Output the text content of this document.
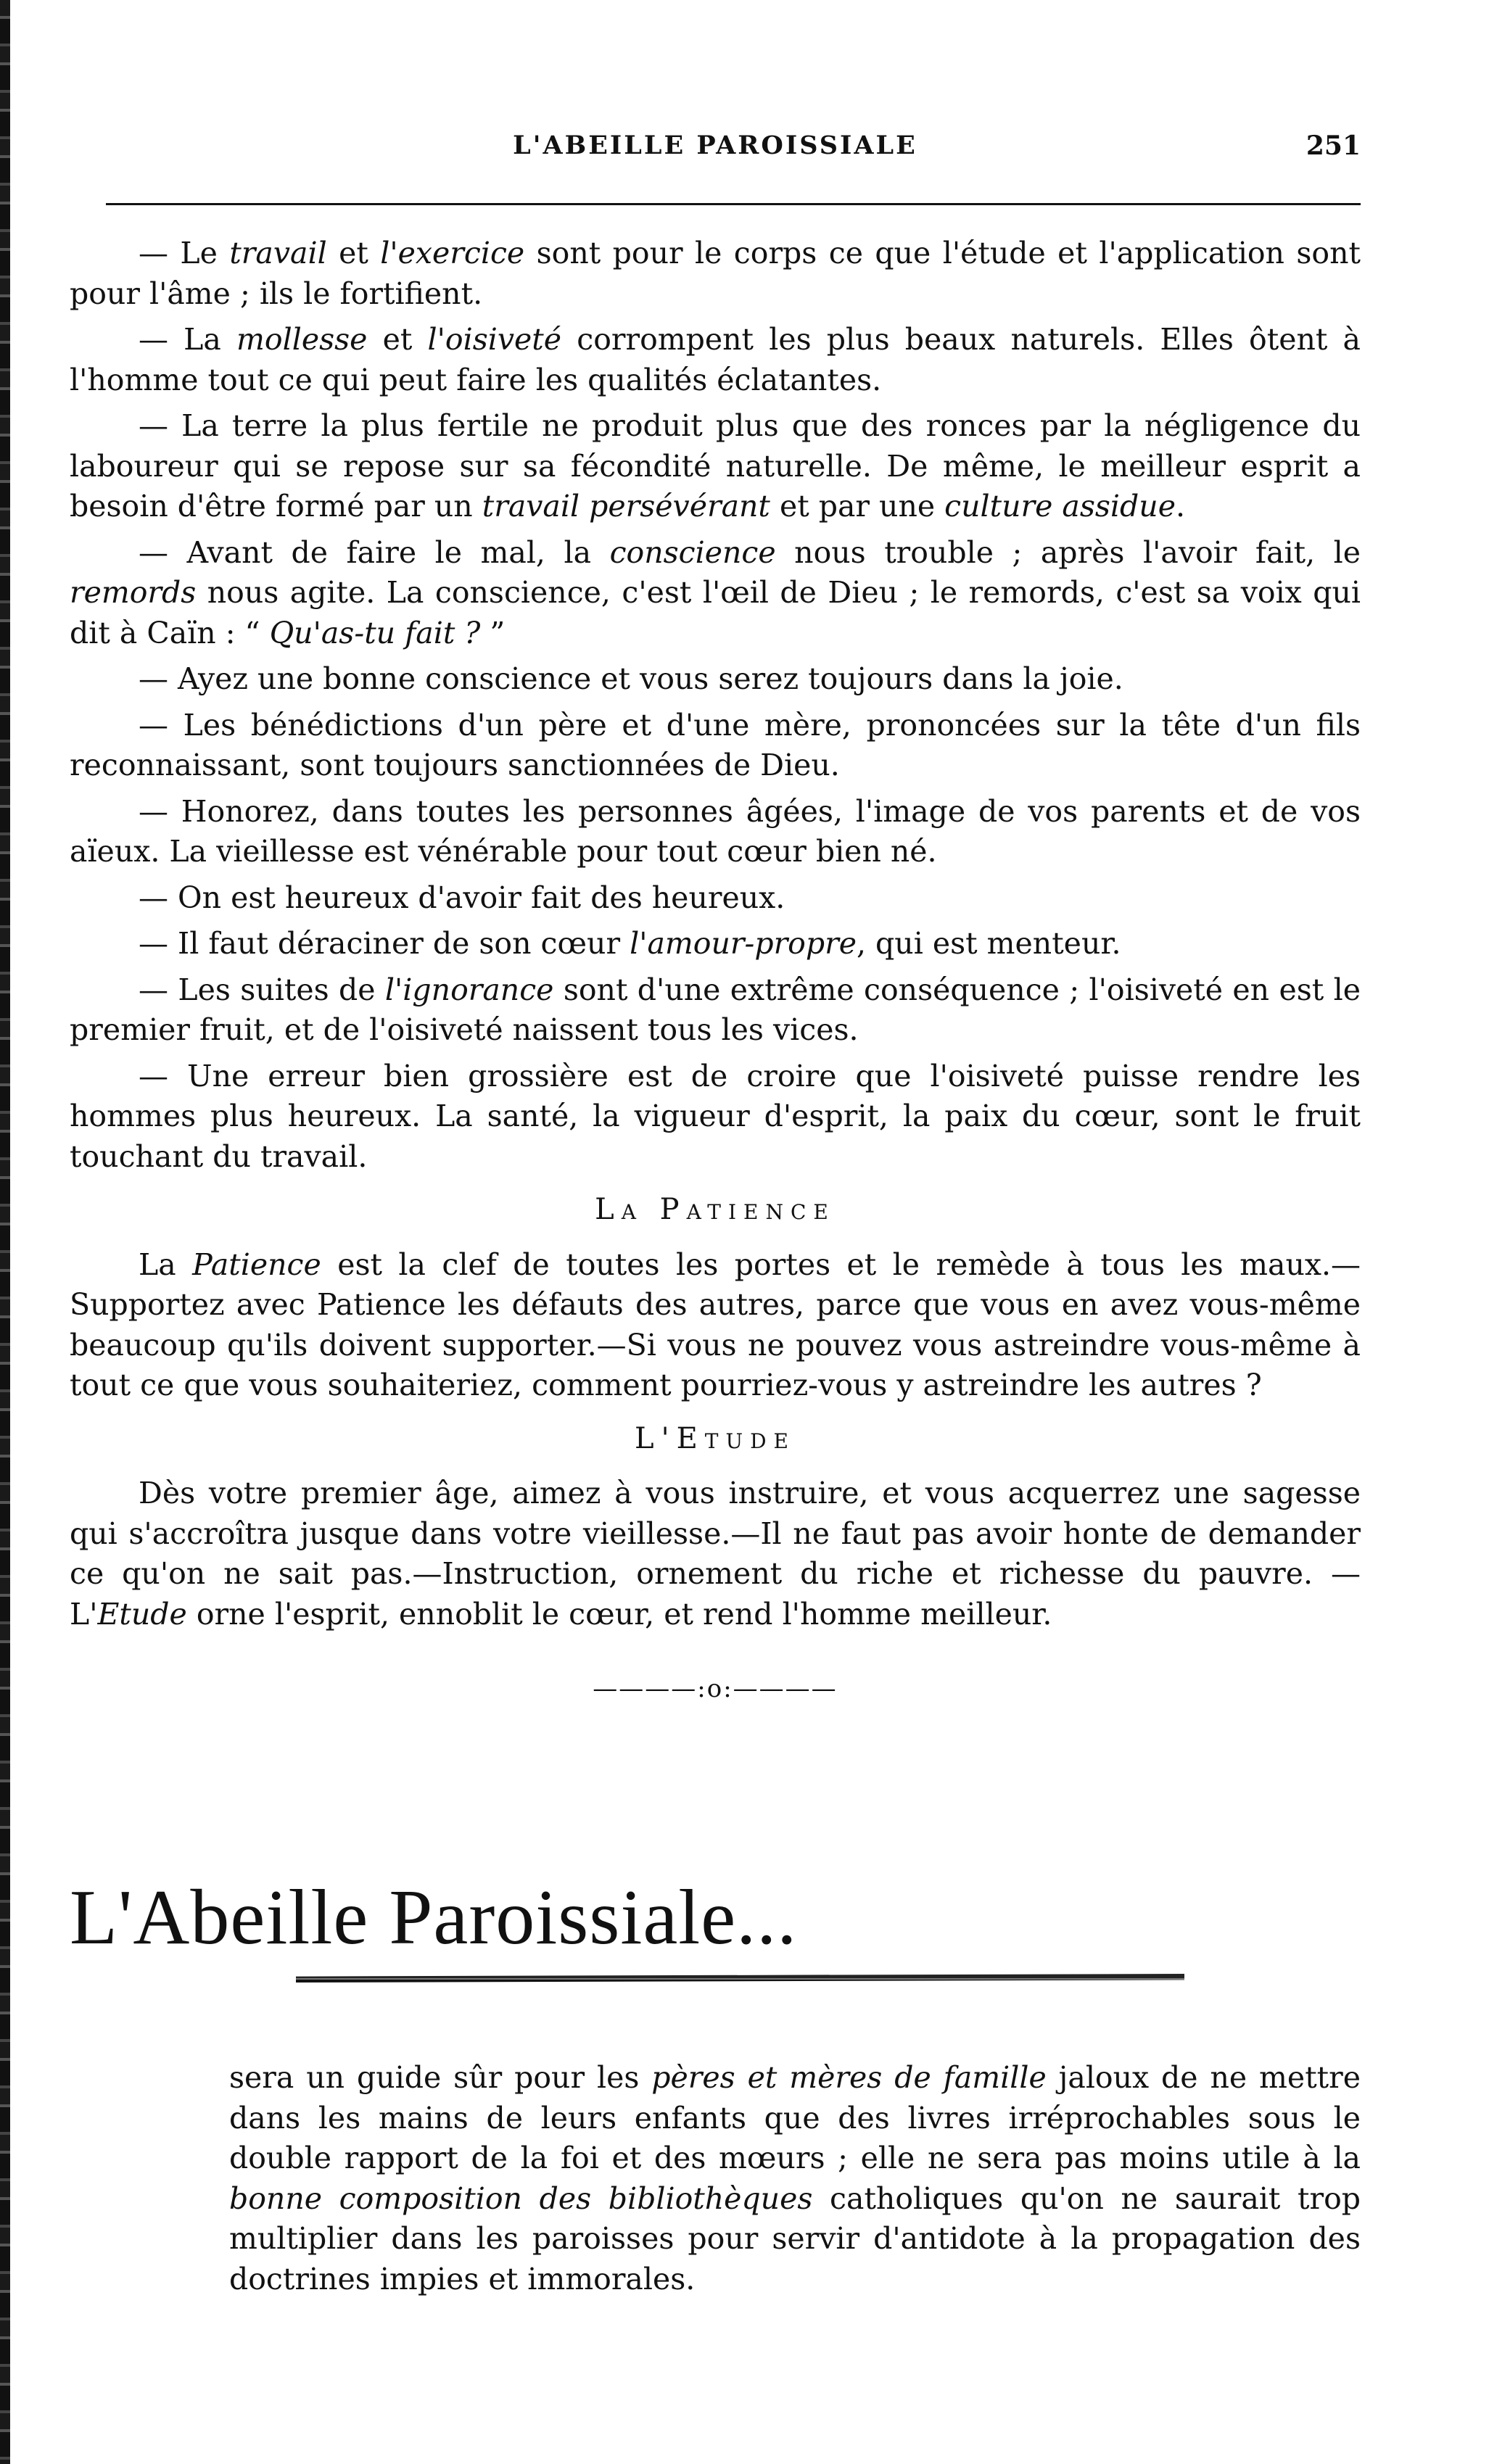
L'ABEILLE PAROISSIALE	251

— Le travail et l'exercice sont pour le corps ce que l'étude et l'application sont pour l'âme ; ils le fortifient.

— La mollesse et l'oisiveté corrompent les plus beaux naturels. Elles ôtent à l'homme tout ce qui peut faire les qualités éclatantes.

— La terre la plus fertile ne produit plus que des ronces par la négligence du laboureur qui se repose sur sa fécondité naturelle. De même, le meilleur esprit a besoin d'être formé par un travail persévérant et par une culture assidue.

— Avant de faire le mal, la conscience nous trouble ; après l'avoir fait, le remords nous agite. La conscience, c'est l'œil de Dieu ; le remords, c'est sa voix qui dit à Caïn : “ Qu'as-tu fait ? ”

— Ayez une bonne conscience et vous serez toujours dans la joie.

— Les bénédictions d'un père et d'une mère, prononcées sur la tête d'un fils reconnaissant, sont toujours sanctionnées de Dieu.

— Honorez, dans toutes les personnes âgées, l'image de vos parents et de vos aïeux. La vieillesse est vénérable pour tout cœur bien né.

— On est heureux d'avoir fait des heureux.

— Il faut déraciner de son cœur l'amour-propre, qui est menteur.

— Les suites de l'ignorance sont d'une extrême conséquence ; l'oisiveté en est le premier fruit, et de l'oisiveté naissent tous les vices.

— Une erreur bien grossière est de croire que l'oisiveté puisse rendre les hommes plus heureux. La santé, la vigueur d'esprit, la paix du cœur, sont le fruit touchant du travail.

La Patience

La Patience est la clef de toutes les portes et le remède à tous les maux.— Supportez avec Patience les défauts des autres, parce que vous en avez vous-même beaucoup qu'ils doivent supporter.—Si vous ne pouvez vous astreindre vous-même à tout ce que vous souhaiteriez, comment pourriez-vous y astreindre les autres ?

L'Etude

Dès votre premier âge, aimez à vous instruire, et vous acquerrez une sagesse qui s'accroîtra jusque dans votre vieillesse.—Il ne faut pas avoir honte de demander ce qu'on ne sait pas.—Instruction, ornement du riche et richesse du pauvre. — L'Etude orne l'esprit, ennoblit le cœur, et rend l'homme meilleur.

————:o:————
L'Abeille Paroissiale...

sera un guide sûr pour les pères et mères de famille jaloux de ne mettre dans les mains de leurs enfants que des livres irréprochables sous le double rapport de la foi et des mœurs ; elle ne sera pas moins utile à la bonne composition des bibliothèques catholiques qu'on ne saurait trop multiplier dans les paroisses pour servir d'antidote à la propagation des doctrines impies et immorales.
